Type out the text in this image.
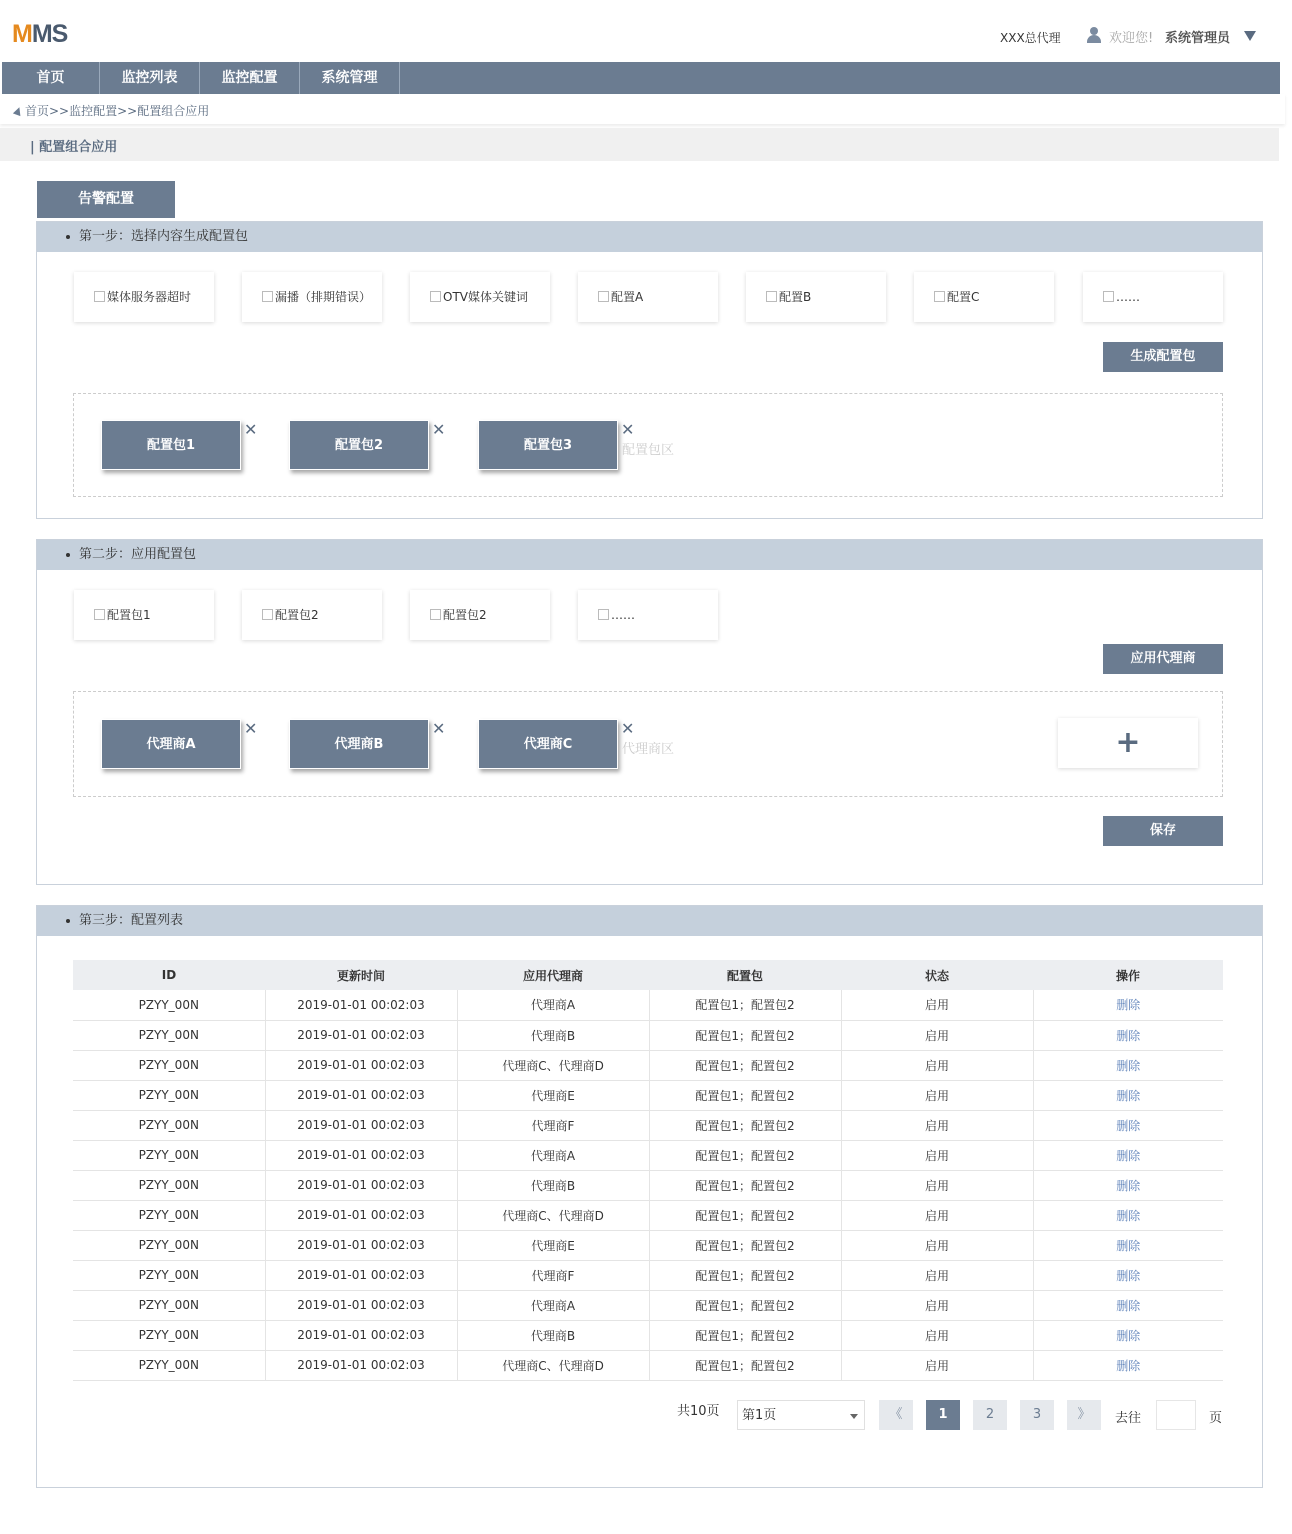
MMS	XXX总代理	欢迎您! 系统管理员
首页	监控列表	监控配置	系统管理
首页>>监控配置>>配置组合应用
| 配置组合应用
告警配置
第一步：选择内容生成配置包
媒体服务器超时	漏播（排期错误）	OTV媒体关键词	配置A	配置B	配置C	……
生成配置包
配置包1
✕
配置包2
✕
配置包3
✕
配置包区
第二步：应用配置包
配置包1	配置包2	配置包2	……
应用代理商
代理商A
✕
代理商B
✕
代理商C
✕
代理商区	+
保存
第三步：配置列表
ID	更新时间	应用代理商	配置包	状态	操作
PZYY_00N	2019-01-01 00:02:03	代理商A	配置包1；配置包2	启用	删除
PZYY_00N	2019-01-01 00:02:03	代理商B	配置包1；配置包2	启用	删除
PZYY_00N	2019-01-01 00:02:03	代理商C、代理商D	配置包1；配置包2	启用	删除
PZYY_00N	2019-01-01 00:02:03	代理商E	配置包1；配置包2	启用	删除
PZYY_00N	2019-01-01 00:02:03	代理商F	配置包1；配置包2	启用	删除
PZYY_00N	2019-01-01 00:02:03	代理商A	配置包1；配置包2	启用	删除
PZYY_00N	2019-01-01 00:02:03	代理商B	配置包1；配置包2	启用	删除
PZYY_00N	2019-01-01 00:02:03	代理商C、代理商D	配置包1；配置包2	启用	删除
PZYY_00N	2019-01-01 00:02:03	代理商E	配置包1；配置包2	启用	删除
PZYY_00N	2019-01-01 00:02:03	代理商F	配置包1；配置包2	启用	删除
PZYY_00N	2019-01-01 00:02:03	代理商A	配置包1；配置包2	启用	删除
PZYY_00N	2019-01-01 00:02:03	代理商B	配置包1；配置包2	启用	删除
PZYY_00N	2019-01-01 00:02:03	代理商C、代理商D	配置包1；配置包2	启用	删除
共10页	第1页	《	1	2	3	》	去往	页
